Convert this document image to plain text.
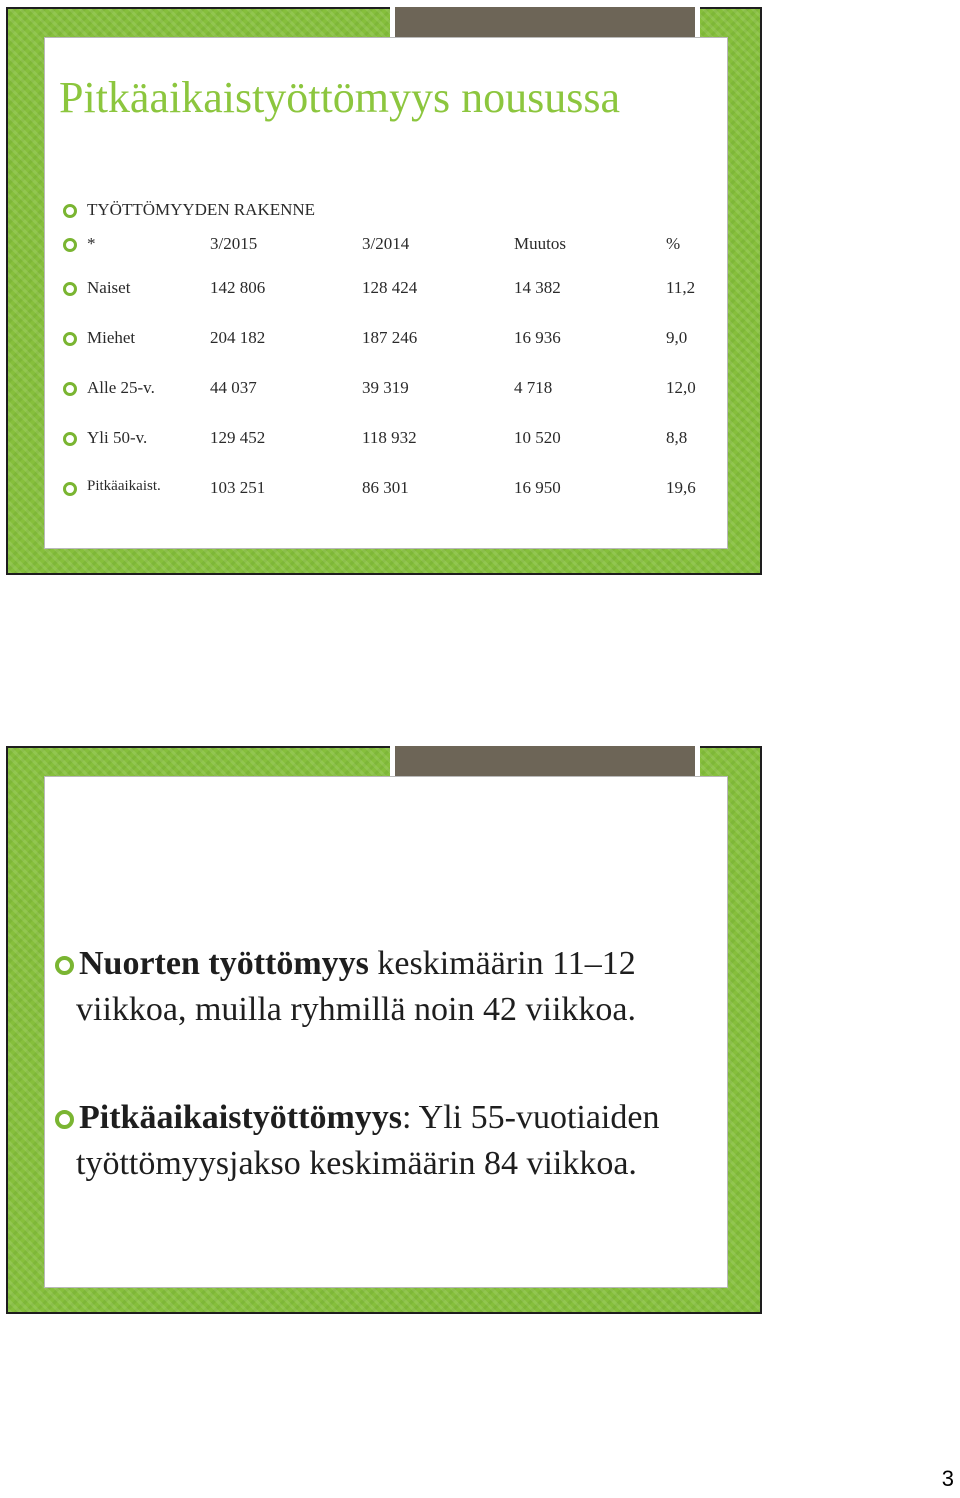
Pitkäaikaistyöttömyys nousussa
TYÖTTÖMYYDEN RAKENNE
*	3/2015	3/2014	Muutos	%
Naiset	142 806	128 424	14 382	11,2
Miehet	204 182	187 246	16 936	9,0
Alle 25-v.	44 037	39 319	4 718	12,0
Yli 50-v.	129 452	118 932	10 520	8,8
Pitkäaikaist.	103 251	86 301	16 950	19,6
Nuorten työttömyys keskimäärin 11–12
viikkoa, muilla ryhmillä noin 42 viikkoa.
Pitkäaikaistyöttömyys: Yli 55-vuotiaiden
työttömyysjakso keskimäärin 84 viikkoa.
3
